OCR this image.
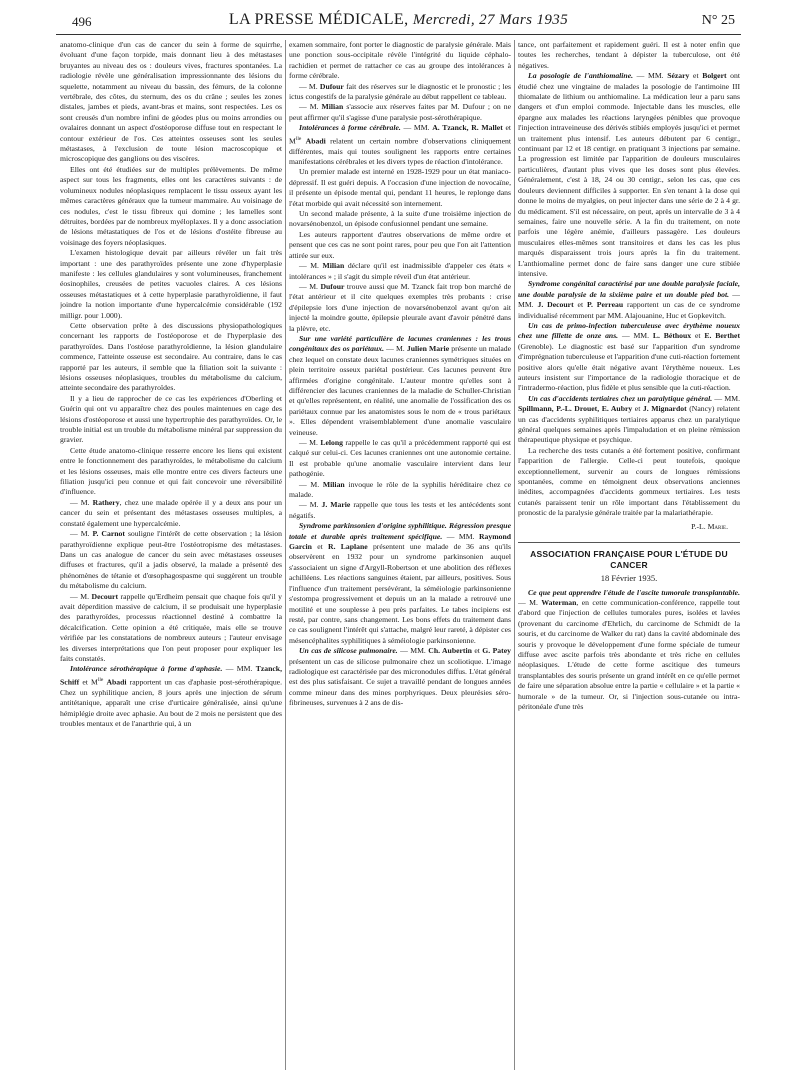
496	LA PRESSE MÉDICALE, Mercredi, 27 Mars 1935	N° 25

anatomo-clinique d'un cas de cancer du sein à forme de squirrhe, évoluant d'une façon torpide, mais donnant lieu à des métastases bruyantes au niveau des os : douleurs vives, fractures spontanées. La radiologie révèle une généralisation impressionnante des lésions du squelette, notamment au niveau du bassin, des fémurs, de la colonne vertébrale, des côtes, du sternum, des os du crâne ; seules les zones distales, jambes et pieds, avant-bras et mains, sont respectées. Les os sont creusés d'un nombre infini de géodes plus ou moins arrondies ou ovalaires donnant un aspect d'ostéoporose diffuse tout en respectant le contour extérieur de l'os. Ces atteintes osseuses sont les seules métastases, à l'exclusion de toute lésion macroscopique et microscopique des ganglions ou des viscères.

Elles ont été étudiées sur de multiples prélèvements. De même aspect sur tous les fragments, elles ont les caractères suivants : de volumineux nodules néoplasiques remplacent le tissu osseux ayant les mêmes caractères généraux que la tumeur mammaire. Au voisinage de ces nodules, c'est le tissu fibreux qui domine ; les lamelles sont détruites, bordées par de nombreux myéloplaxes. Il y a donc association de lésions métastatiques de l'os et de lésions d'ostéite fibreuse au voisinage des foyers néoplasiques.

L'examen histologique devait par ailleurs révéler un fait très important : une des parathyroïdes présente une zone d'hyperplasie manifeste : les cellules glandulaires y sont volumineuses, franchement éosinophiles, creusées de petites vacuoles claires. A ces lésions osseuses métastatiques et à cette hyperplasie parathyroïdienne, il faut joindre la notion importante d'une hypercalcémie considérable (192 milligr. pour 1.000).

Cette observation prête à des discussions physiopathologiques concernant les rapports de l'ostéoporose et de l'hyperplasie des parathyroïdes. Dans l'ostéose parathyroïdienne, la lésion glandulaire commence, l'atteinte osseuse est secondaire. Au contraire, dans le cas rapporté par les auteurs, il semble que la filiation soit la suivante : lésions osseuses néoplasiques, troubles du métabolisme du calcium, atteinte secondaire des parathyroïdes.

Il y a lieu de rapprocher de ce cas les expériences d'Oberling et Guérin qui ont vu apparaître chez des poules maintenues en cage des lésions d'ostéoporose et aussi une hypertrophie des parathyroïdes. Or, le trouble initial est un trouble du métabolisme minéral par suppression du gravier.

Cette étude anatomo-clinique resserre encore les liens qui existent entre le fonctionnement des parathyroïdes, le métabolisme du calcium et les lésions osseuses, mais elle montre entre ces divers facteurs une filiation jusqu'ici peu connue et qui fait concevoir une réversibilité d'influence.

— M. Rathery, chez une malade opérée il y a deux ans pour un cancer du sein et présentant des métastases osseuses multiples, a constaté également une hypercalcémie.

— M. P. Carnot souligne l'intérêt de cette observation ; la lésion parathyroïdienne explique peut-être l'ostéotropisme des métastases. Dans un cas analogue de cancer du sein avec métastases osseuses diffuses et fractures, qu'il a jadis observé, la malade a présenté des phénomènes de tétanie et d'œsophagospasme qui suggèrent un trouble du métabolisme du calcium.

— M. Decourt rappelle qu'Erdheim pensait que chaque fois qu'il y avait déperdition massive de calcium, il se produisait une hyperplasie des parathyroïdes, processus réactionnel destiné à combattre la décalcification. Cette opinion a été critiquée, mais elle se trouve vérifiée par les constatations de nombreux auteurs ; l'auteur envisage les diverses interprétations que l'on peut proposer pour expliquer les faits constatés.

Intolérance sérothérapique à forme d'aphasie. — MM. Tzanck, Schiff et $M^{lle}$ Abadi rapportent un cas d'aphasie post-sérothérapique. Chez un syphilitique ancien, 8 jours après une injection de sérum antitétanique, apparaît une crise d'urticaire généralisée, ainsi qu'une hémiplégie droite avec aphasie. Au bout de 2 mois ne persistent que des troubles mentaux et de l'anarthrie qui, à un

examen sommaire, font porter le diagnostic de paralysie générale. Mais une ponction sous-occipitale révèle l'intégrité du liquide céphalo-rachidien et permet de rattacher ce cas au groupe des intolérances à forme cérébrale.

— M. Dufour fait des réserves sur le diagnostic et le pronostic ; les ictus congestifs de la paralysie générale au début rappellent ce tableau.

— M. Milian s'associe aux réserves faites par M. Dufour ; on ne peut affirmer qu'il s'agisse d'une paralysie post-sérothérapique.

Intolérances à forme cérébrale. — MM. A. Tzanck, R. Mallet et $M^{lle}$ Abadi relatent un certain nombre d'observations cliniquement différentes, mais qui toutes soulignent les rapports entre certaines manifestations cérébrales et les divers types de réaction d'intolérance.

Un premier malade est interné en 1928-1929 pour un état maniaco-dépressif. Il est guéri depuis. A l'occasion d'une injection de novocaïne, il présente un épisode mental qui, pendant 11 heures, le replonge dans l'état morbide qui avait nécessité son internement.

Un second malade présente, à la suite d'une troisième injection de novarsénobenzol, un épisode confusionnel pendant une semaine.

Les auteurs rapportent d'autres observations de même ordre et pensent que ces cas ne sont point rares, pour peu que l'on ait l'attention attirée sur eux.

— M. Milian déclare qu'il est inadmissible d'appeler ces états « intolérances » ; il s'agit du simple réveil d'un état antérieur.

— M. Dufour trouve aussi que M. Tzanck fait trop bon marché de l'état antérieur et il cite quelques exemples très probants : crise d'épilepsie lors d'une injection de novarsénobenzol avant qu'on ait injecté la moindre goutte, épilepsie pleurale avant d'avoir pénétré dans la plèvre, etc.

Sur une variété particulière de lacunes craniennes : les trous congénitaux des os pariétaux. — M. Julien Marie présente un malade chez lequel on constate deux lacunes craniennes symétriques situées en plein territoire osseux pariétal postérieur. Ces lacunes peuvent être affirmées d'origine congénitale. L'auteur montre qu'elles sont à différencier des lacunes craniennes de la maladie de Schuller-Christian et qu'elles représentent, en réalité, une anomalie de l'ossification des os pariétaux connue par les anatomistes sous le nom de « trous pariétaux ». Elles dépendent vraisemblablement d'une anomalie vasculaire veineuse.

— M. Lelong rappelle le cas qu'il a précédemment rapporté qui est calqué sur celui-ci. Ces lacunes craniennes ont une autonomie certaine. Il est probable qu'une anomalie vasculaire intervient dans leur pathogénie.

— M. Milian invoque le rôle de la syphilis héréditaire chez ce malade.

— M. J. Marie rappelle que tous les tests et les antécédents sont négatifs.

Syndrome parkinsonien d'origine syphilitique. Régression presque totale et durable après traitement spécifique. — MM. Raymond Garcin et R. Laplane présentent une malade de 36 ans qu'ils observèrent en 1932 pour un syndrome parkinsonien auquel s'associaient un signe d'Argyll-Robertson et une abolition des réflexes achilléens. Les réactions sanguines étaient, par ailleurs, positives. Sous l'influence d'un traitement persévérant, la séméiologie parkinsonienne s'estompa progressivement et depuis un an la malade a retrouvé une motilité et une souplesse à peu près parfaites. Le tabes incipiens est resté, par contre, sans changement. Les bons effets du traitement dans ce cas soulignent l'intérêt qui s'attache, malgré leur rareté, à dépister ces mésencéphalites syphilitiques à séméiologie parkinsonienne.

Un cas de silicose pulmonaire. — MM. Ch. Aubertin et G. Patey présentent un cas de silicose pulmonaire chez un scoliotique. L'image radiologique est caractérisée par des micronodules diffus. L'état général est des plus satisfaisant. Ce sujet a travaillé pendant de longues années comme mineur dans des mines porphyriques. Deux pleurésies séro-fibrineuses, survenues à 2 ans de dis-

tance, ont parfaitement et rapidement guéri. Il est à noter enfin que toutes les recherches, tendant à dépister la tuberculose, ont été négatives.

La posologie de l'anthiomaline. — MM. Sézary et Bolgert ont étudié chez une vingtaine de malades la posologie de l'antimoine III thiomalate de lithium ou anthiomaline. La médication leur a paru sans dangers et d'un emploi commode. Injectable dans les muscles, elle épargne aux malades les réactions laryngées pénibles que provoque l'injection intraveineuse des dérivés stibiés employés jusqu'ici et permet un traitement plus intensif. Les auteurs débutent par 6 centigr., continuant par 12 et 18 centigr. en pratiquant 3 injections par semaine. La progression est limitée par l'apparition de douleurs musculaires particulières, d'autant plus vives que les doses sont plus élevées. Généralement, c'est à 18, 24 ou 30 centigr., selon les cas, que ces douleurs deviennent difficiles à supporter. En s'en tenant à la dose qui donne le moins de myalgies, on peut injecter dans une série de 2 à 4 gr. du médicament. S'il est nécessaire, on peut, après un intervalle de 3 à 4 semaines, faire une nouvelle série. A la fin du traitement, on note parfois une légère anémie, d'ailleurs passagère. Les douleurs musculaires elles-mêmes sont transitoires et dans les cas les plus marqués disparaissent trois jours après la fin du traitement. L'anthiomaline permet donc de faire sans danger une cure stibiée intensive.

Syndrome congénital caractérisé par une double paralysie faciale, une double paralysie de la sixième paire et un double pied bot. — MM. J. Decourt et P. Perreau rapportent un cas de ce syndrome individualisé récemment par MM. Alajouanine, Huc et Gopkevitch.

Un cas de primo-infection tuberculeuse avec érythème noueux chez une fillette de onze ans. — MM. L. Béthoux et E. Berthet (Grenoble). Le diagnostic est basé sur l'apparition d'un syndrome d'imprégnation tuberculeuse et l'apparition d'une cuti-réaction fortement positive alors qu'elle était négative avant l'érythème noueux. Les auteurs insistent sur l'importance de la radiologie thoracique et de l'intradermo-réaction, plus fidèle et plus sensible que la cuti-réaction.

Un cas d'accidents tertiaires chez un paralytique général. — MM. Spillmann, P.-L. Drouet, E. Aubry et J. Mignardot (Nancy) relatent un cas d'accidents syphilitiques tertiaires apparus chez un paralytique général quelques semaines après l'impaludation et en pleine rémission thérapeutique physique et psychique.

La recherche des tests cutanés a été fortement positive, confirmant l'apparition de l'allergie. Celle-ci peut toutefois, quoique exceptionnellement, survenir au cours de longues rémissions spontanées, comme en témoignent deux observations anciennes inédites, accompagnées d'accidents gommeux tertiaires. Les tests cutanés paraissent tenir un rôle important dans l'établissement du pronostic de la paralysie générale traitée par la malariathérapie.

P.-L. Marie.
ASSOCIATION FRANÇAISE POUR L'ÉTUDE DU CANCER
18 Février 1935.

Ce que peut apprendre l'étude de l'ascite tumorale transplantable. — M. Waterman, en cette communication-conférence, rappelle tout d'abord que l'injection de cellules tumorales pures, isolées et lavées (provenant du carcinome d'Ehrlich, du carcinome de Schmidt de la souris, et du carcinome de Walker du rat) dans la cavité abdominale des souris y provoque le développement d'une forme spéciale de tumeur diffuse avec ascite parfois très abondante et très riche en cellules néoplasiques. L'étude de cette forme ascitique des tumeurs transplantables des souris présente un grand intérêt en ce qu'elle permet de faire une séparation absolue entre la partie « cellulaire » et la partie « humorale » de la tumeur. Or, si l'injection sous-cutanée ou intra-péritonéale d'une très
